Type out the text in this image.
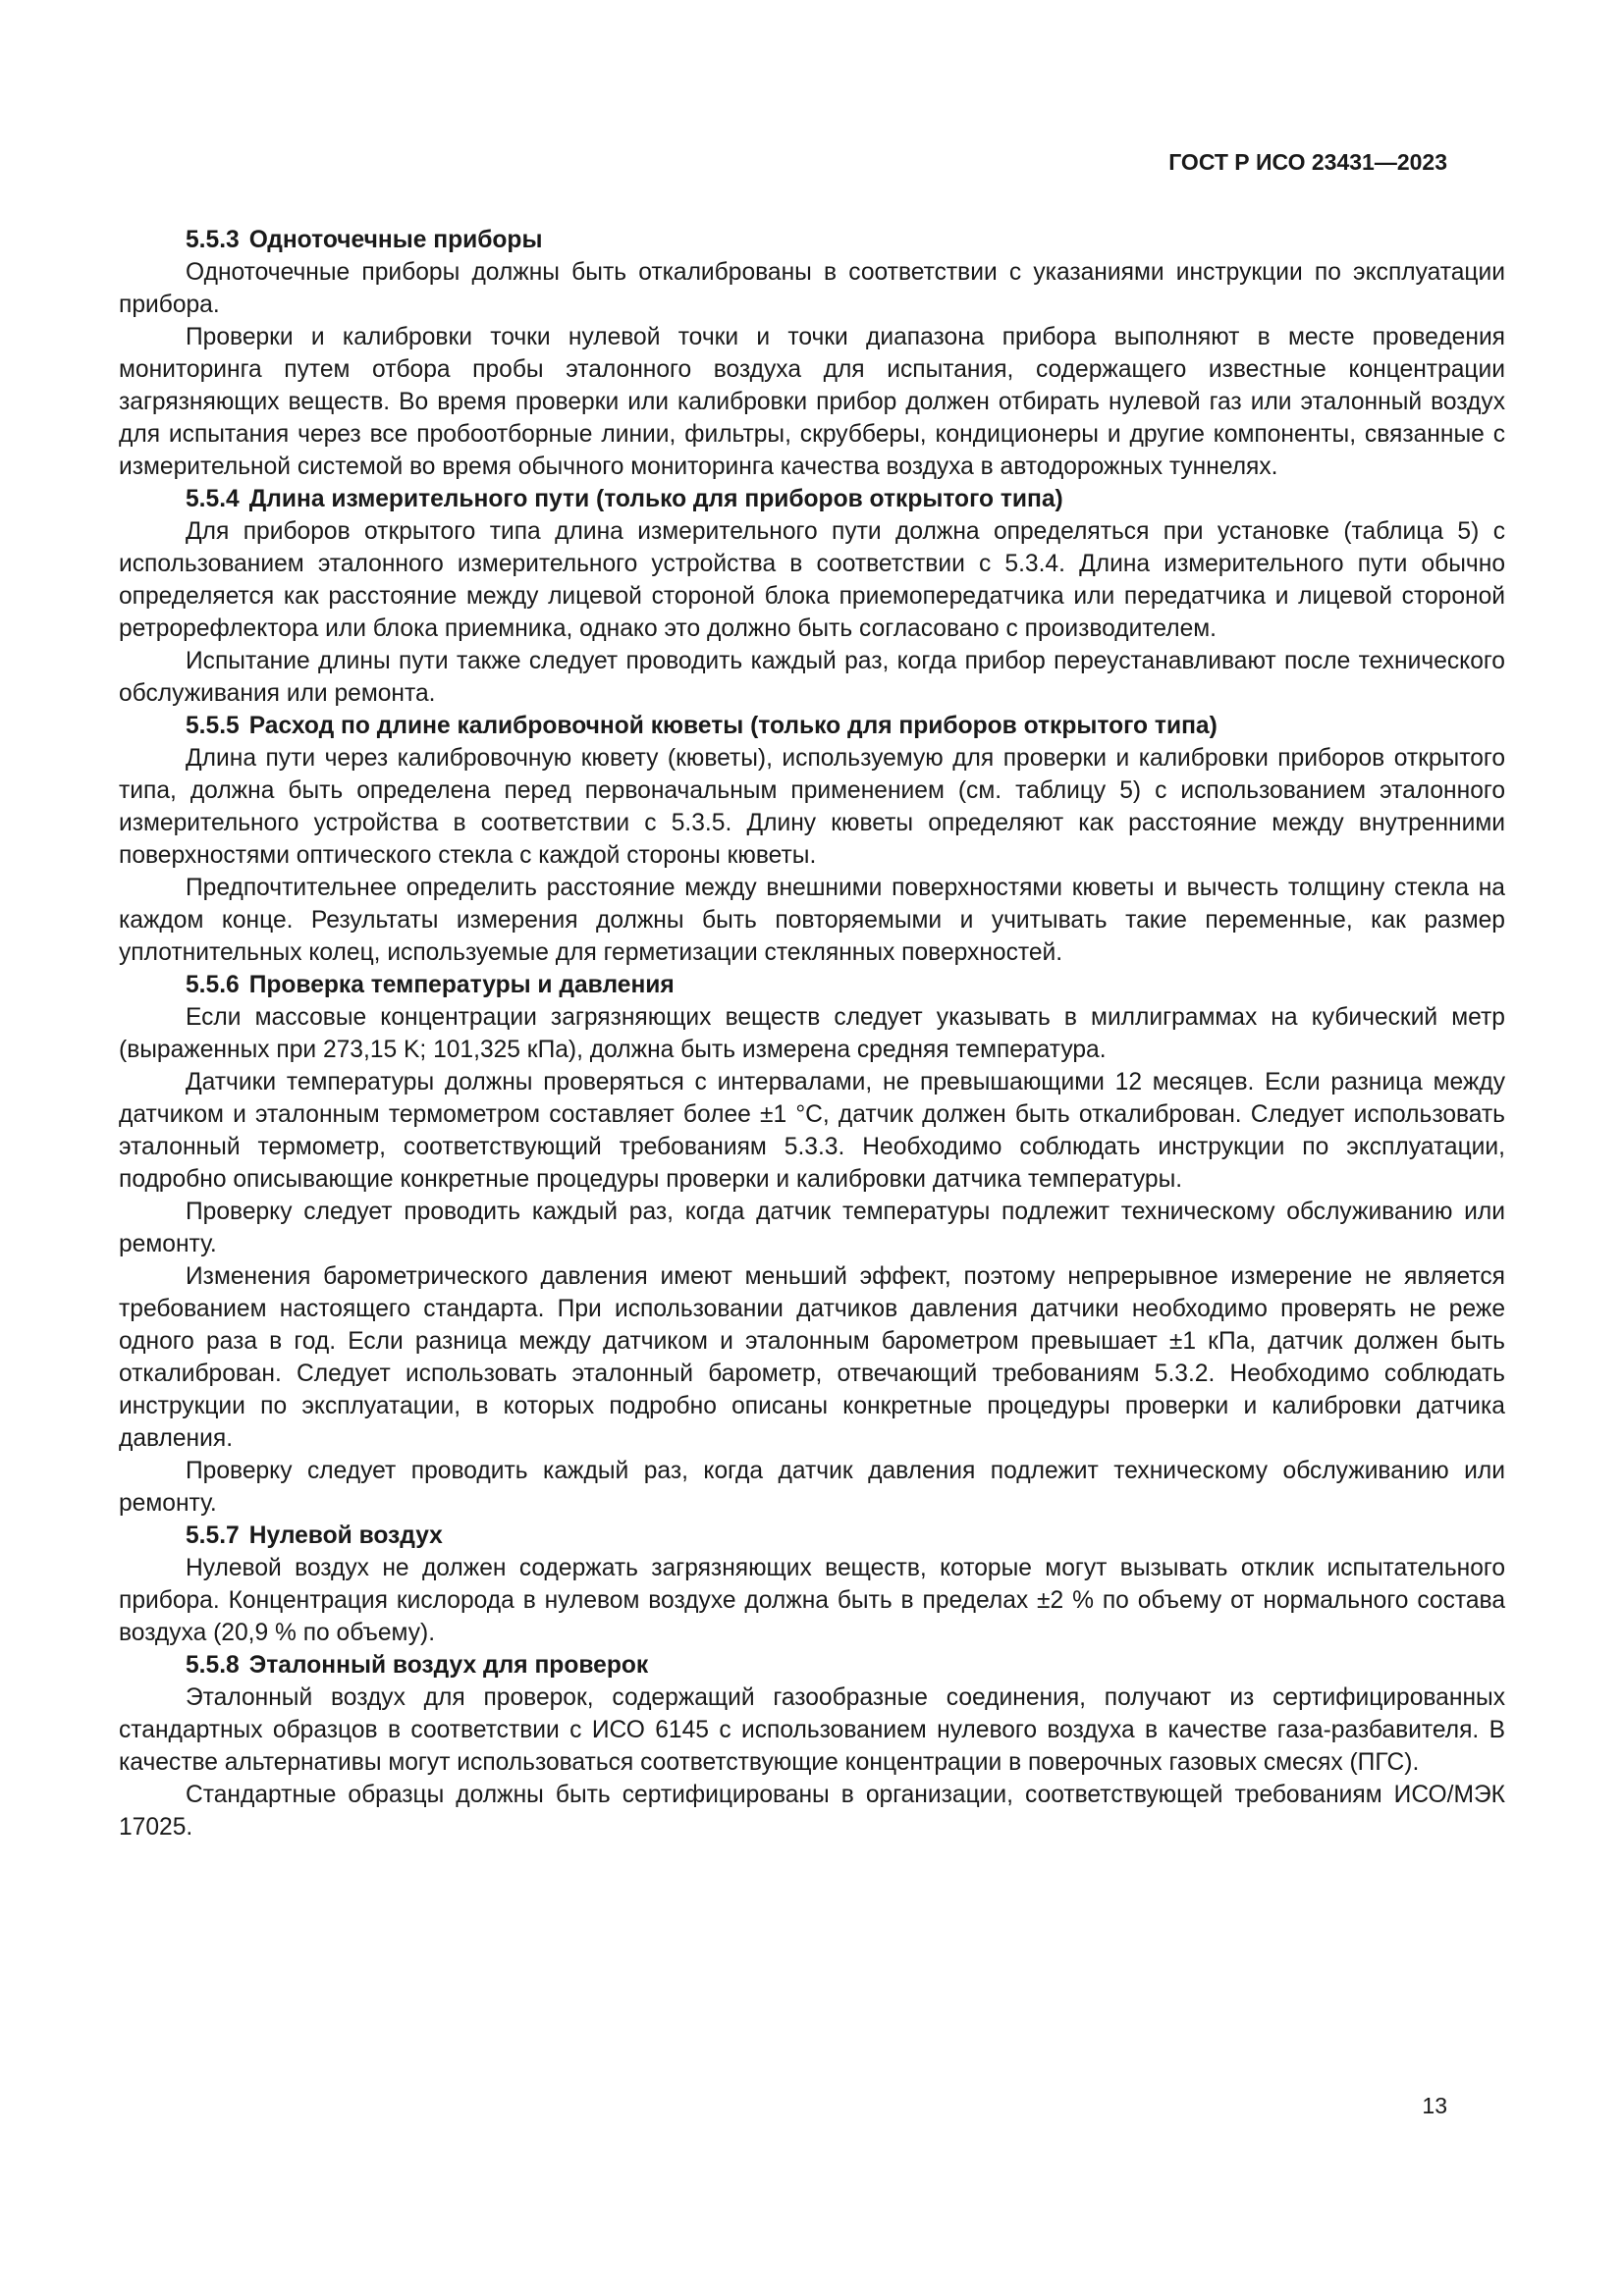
ГОСТ Р ИСО 23431—2023
5.5.3 Одноточечные приборы

Одноточечные приборы должны быть откалиброваны в соответствии с указаниями инструкции по эксплуатации прибора.

Проверки и калибровки точки нулевой точки и точки диапазона прибора выполняют в месте проведения мониторинга путем отбора пробы эталонного воздуха для испытания, содержащего известные концентрации загрязняющих веществ. Во время проверки или калибровки прибор должен отбирать нулевой газ или эталонный воздух для испытания через все пробоотборные линии, фильтры, скрубберы, кондиционеры и другие компоненты, связанные с измерительной системой во время обычного мониторинга качества воздуха в автодорожных туннелях.

5.5.4 Длина измерительного пути (только для приборов открытого типа)

Для приборов открытого типа длина измерительного пути должна определяться при установке (таблица 5) с использованием эталонного измерительного устройства в соответствии с 5.3.4. Длина измерительного пути обычно определяется как расстояние между лицевой стороной блока приемопередатчика или передатчика и лицевой стороной ретрорефлектора или блока приемника, однако это должно быть согласовано с производителем.

Испытание длины пути также следует проводить каждый раз, когда прибор переустанавливают после технического обслуживания или ремонта.

5.5.5 Расход по длине калибровочной кюветы (только для приборов открытого типа)

Длина пути через калибровочную кювету (кюветы), используемую для проверки и калибровки приборов открытого типа, должна быть определена перед первоначальным применением (см. таблицу 5) с использованием эталонного измерительного устройства в соответствии с 5.3.5. Длину кюветы определяют как расстояние между внутренними поверхностями оптического стекла с каждой стороны кюветы.

Предпочтительнее определить расстояние между внешними поверхностями кюветы и вычесть толщину стекла на каждом конце. Результаты измерения должны быть повторяемыми и учитывать такие переменные, как размер уплотнительных колец, используемые для герметизации стеклянных поверхностей.

5.5.6 Проверка температуры и давления

Если массовые концентрации загрязняющих веществ следует указывать в миллиграммах на кубический метр (выраженных при 273,15 K; 101,325 кПа), должна быть измерена средняя температура.

Датчики температуры должны проверяться с интервалами, не превышающими 12 месяцев. Если разница между датчиком и эталонным термометром составляет более ±1 °C, датчик должен быть откалиброван. Следует использовать эталонный термометр, соответствующий требованиям 5.3.3. Необходимо соблюдать инструкции по эксплуатации, подробно описывающие конкретные процедуры проверки и калибровки датчика температуры.

Проверку следует проводить каждый раз, когда датчик температуры подлежит техническому обслуживанию или ремонту.

Изменения барометрического давления имеют меньший эффект, поэтому непрерывное измерение не является требованием настоящего стандарта. При использовании датчиков давления датчики необходимо проверять не реже одного раза в год. Если разница между датчиком и эталонным барометром превышает ±1 кПа, датчик должен быть откалиброван. Следует использовать эталонный барометр, отвечающий требованиям 5.3.2. Необходимо соблюдать инструкции по эксплуатации, в которых подробно описаны конкретные процедуры проверки и калибровки датчика давления.

Проверку следует проводить каждый раз, когда датчик давления подлежит техническому обслуживанию или ремонту.

5.5.7 Нулевой воздух

Нулевой воздух не должен содержать загрязняющих веществ, которые могут вызывать отклик испытательного прибора. Концентрация кислорода в нулевом воздухе должна быть в пределах ±2 % по объему от нормального состава воздуха (20,9 % по объему).

5.5.8 Эталонный воздух для проверок

Эталонный воздух для проверок, содержащий газообразные соединения, получают из сертифицированных стандартных образцов в соответствии с ИСО 6145 с использованием нулевого воздуха в качестве газа-разбавителя. В качестве альтернативы могут использоваться соответствующие концентрации в поверочных газовых смесях (ПГС).

Стандартные образцы должны быть сертифицированы в организации, соответствующей требованиям ИСО/МЭК 17025.

13
